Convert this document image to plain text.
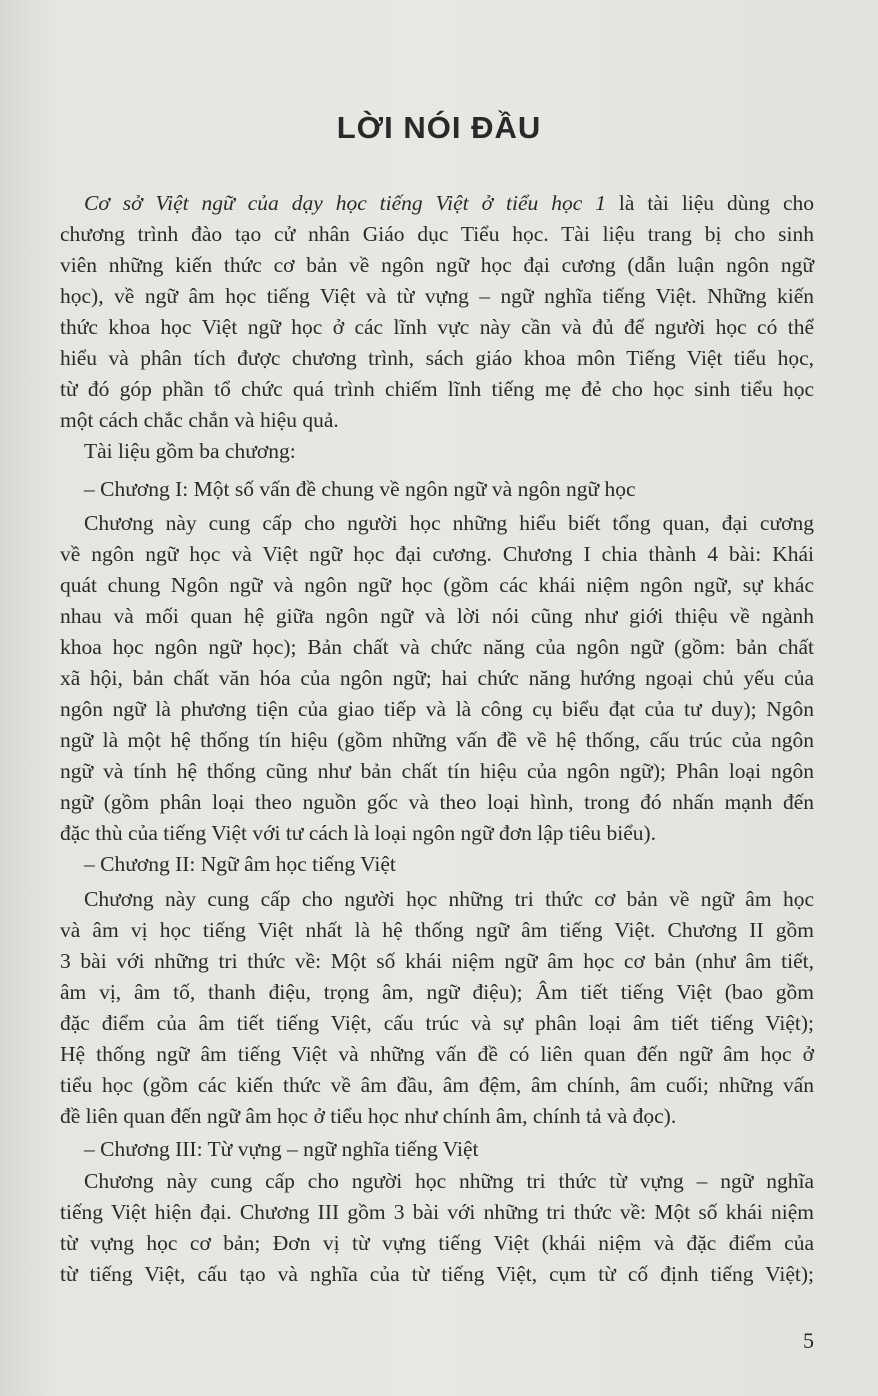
LỜI NÓI ĐẦU
Cơ sở Việt ngữ của dạy học tiếng Việt ở tiểu học 1 là tài liệu dùng cho
chương trình đào tạo cử nhân Giáo dục Tiểu học. Tài liệu trang bị cho sinh
viên những kiến thức cơ bản về ngôn ngữ học đại cương (dẫn luận ngôn ngữ
học), về ngữ âm học tiếng Việt và từ vựng – ngữ nghĩa tiếng Việt. Những kiến
thức khoa học Việt ngữ học ở các lĩnh vực này cần và đủ để người học có thể
hiểu và phân tích được chương trình, sách giáo khoa môn Tiếng Việt tiểu học,
từ đó góp phần tổ chức quá trình chiếm lĩnh tiếng mẹ đẻ cho học sinh tiểu học
một cách chắc chắn và hiệu quả.
Tài liệu gồm ba chương:
– Chương I: Một số vấn đề chung về ngôn ngữ và ngôn ngữ học
Chương này cung cấp cho người học những hiểu biết tổng quan, đại cương
về ngôn ngữ học và Việt ngữ học đại cương. Chương I chia thành 4 bài: Khái
quát chung Ngôn ngữ và ngôn ngữ học (gồm các khái niệm ngôn ngữ, sự khác
nhau và mối quan hệ giữa ngôn ngữ và lời nói cũng như giới thiệu về ngành
khoa học ngôn ngữ học); Bản chất và chức năng của ngôn ngữ (gồm: bản chất
xã hội, bản chất văn hóa của ngôn ngữ; hai chức năng hướng ngoại chủ yếu của
ngôn ngữ là phương tiện của giao tiếp và là công cụ biểu đạt của tư duy); Ngôn
ngữ là một hệ thống tín hiệu (gồm những vấn đề về hệ thống, cấu trúc của ngôn
ngữ và tính hệ thống cũng như bản chất tín hiệu của ngôn ngữ); Phân loại ngôn
ngữ (gồm phân loại theo nguồn gốc và theo loại hình, trong đó nhấn mạnh đến
đặc thù của tiếng Việt với tư cách là loại ngôn ngữ đơn lập tiêu biểu).
– Chương II: Ngữ âm học tiếng Việt
Chương này cung cấp cho người học những tri thức cơ bản về ngữ âm học
và âm vị học tiếng Việt nhất là hệ thống ngữ âm tiếng Việt. Chương II gồm
3 bài với những tri thức về: Một số khái niệm ngữ âm học cơ bản (như âm tiết,
âm vị, âm tố, thanh điệu, trọng âm, ngữ điệu); Âm tiết tiếng Việt (bao gồm
đặc điểm của âm tiết tiếng Việt, cấu trúc và sự phân loại âm tiết tiếng Việt);
Hệ thống ngữ âm tiếng Việt và những vấn đề có liên quan đến ngữ âm học ở
tiểu học (gồm các kiến thức về âm đầu, âm đệm, âm chính, âm cuối; những vấn
đề liên quan đến ngữ âm học ở tiểu học như chính âm, chính tả và đọc).
– Chương III: Từ vựng – ngữ nghĩa tiếng Việt
Chương này cung cấp cho người học những tri thức từ vựng – ngữ nghĩa
tiếng Việt hiện đại. Chương III gồm 3 bài với những tri thức về: Một số khái niệm
từ vựng học cơ bản; Đơn vị từ vựng tiếng Việt (khái niệm và đặc điểm của
từ tiếng Việt, cấu tạo và nghĩa của từ tiếng Việt, cụm từ cố định tiếng Việt);
5
